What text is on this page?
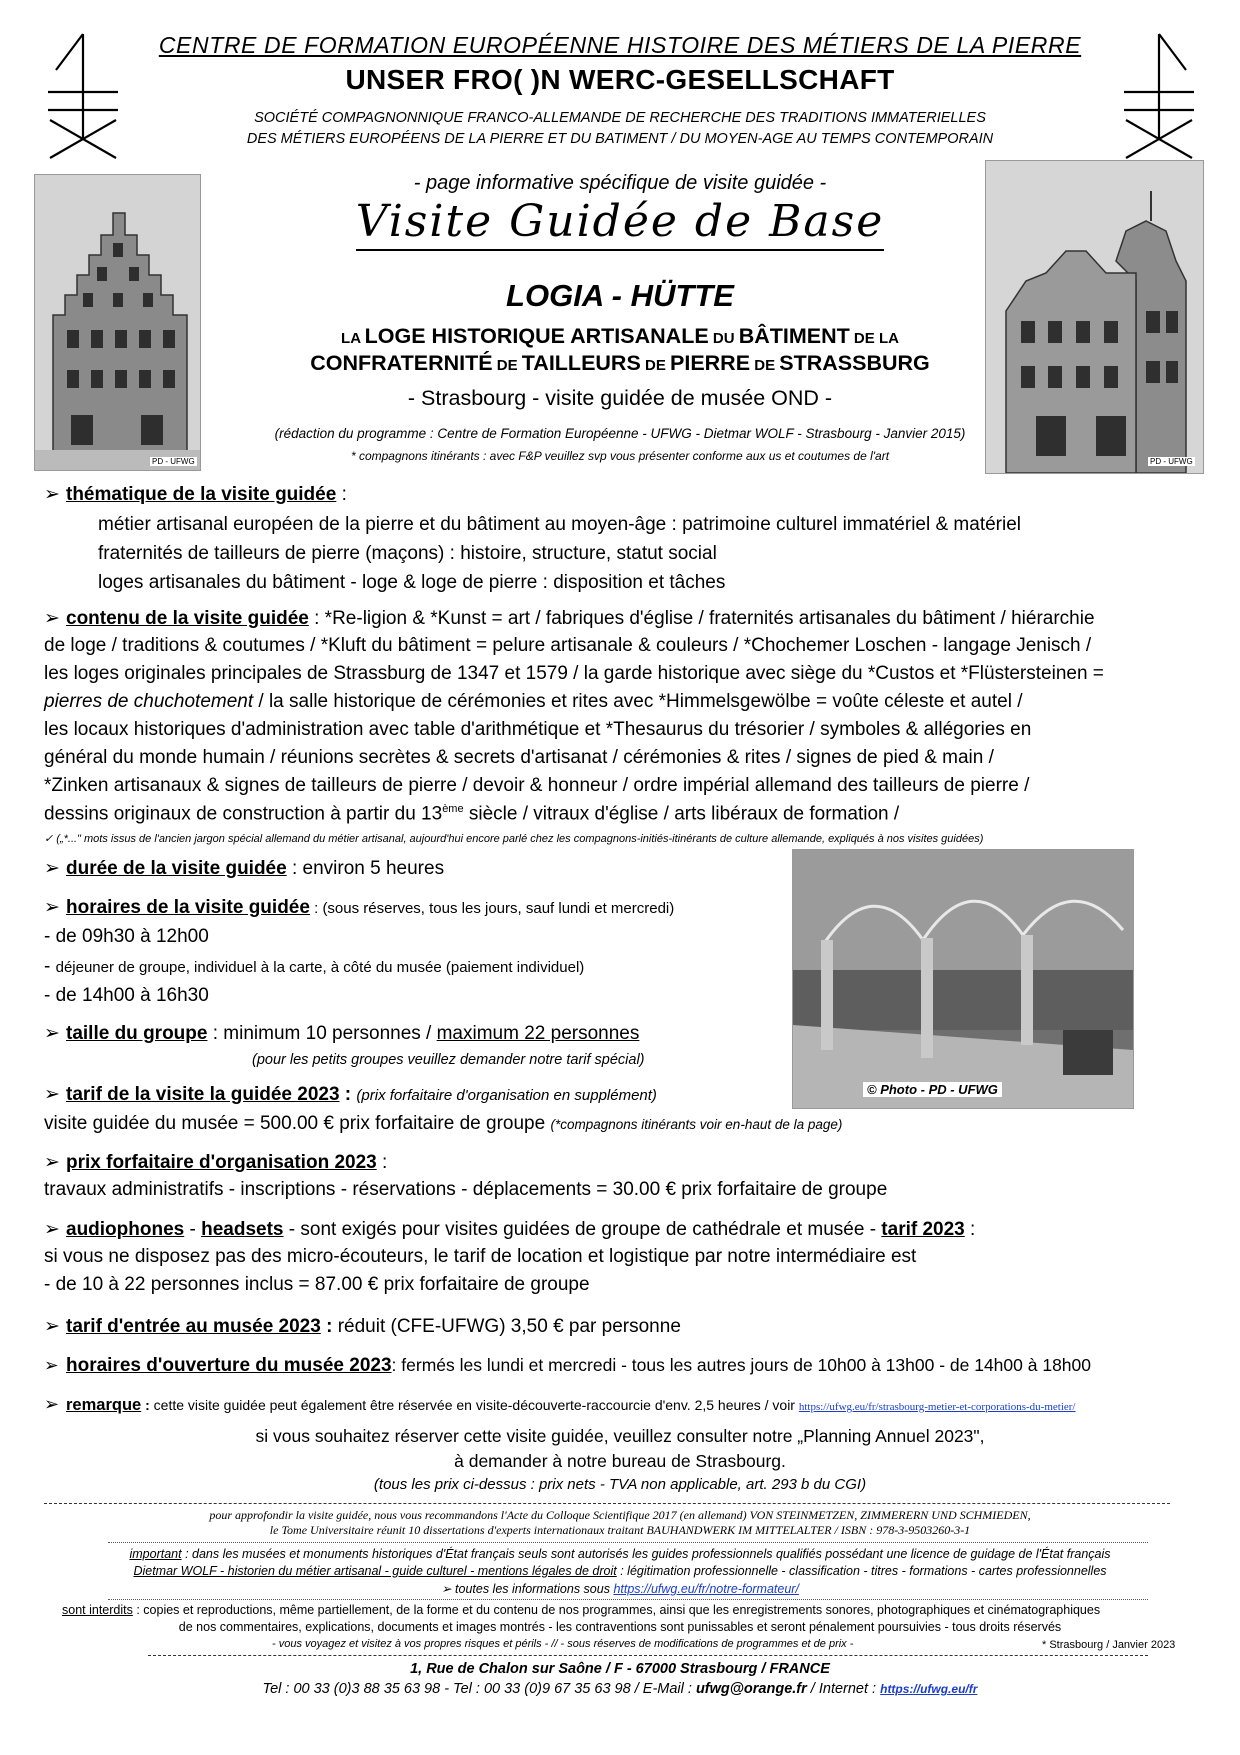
CENTRE DE FORMATION EUROPÉENNE HISTOIRE DES MÉTIERS DE LA PIERRE
UNSER FRO( )N WERC-GESELLSCHAFT
SOCIÉTÉ COMPAGNONNIQUE FRANCO-ALLEMANDE DE RECHERCHE DES TRADITIONS IMMATERIELLES
DES MÉTIERS EUROPÉENS DE LA PIERRE ET DU BATIMENT / DU MOYEN-AGE AU TEMPS CONTEMPORAIN
PD - UFWG	PD - UFWG
- page informative spécifique de visite guidée -
Visite Guidée de Base
LOGIA - HÜTTE
LA LOGE HISTORIQUE ARTISANALE DU BÂTIMENT DE LA
CONFRATERNITÉ DE TAILLEURS DE PIERRE DE STRASSBURG
- Strasbourg - visite guidée de musée OND -
(rédaction du programme : Centre de Formation Européenne - UFWG - Dietmar WOLF - Strasbourg - Janvier 2015)
* compagnons itinérants : avec F&P veuillez svp vous présenter conforme aux us et coutumes de l'art
➢ thématique de la visite guidée :
métier artisanal européen de la pierre et du bâtiment au moyen-âge : patrimoine culturel immatériel & matériel
fraternités de tailleurs de pierre (maçons) : histoire, structure, statut social
loges artisanales du bâtiment - loge & loge de pierre : disposition et tâches
➢ contenu de la visite guidée : *Re-ligion & *Kunst = art / fabriques d'église / fraternités artisanales du bâtiment / hiérarchie
de loge / traditions & coutumes / *Kluft du bâtiment = pelure artisanale & couleurs / *Chochemer Loschen - langage Jenisch /
les loges originales principales de Strassburg de 1347 et 1579 / la garde historique avec siège du *Custos et *Flüstersteinen =
pierres de chuchotement / la salle historique de cérémonies et rites avec *Himmelsgewölbe = voûte céleste et autel /
les locaux historiques d'administration avec table d'arithmétique et *Thesaurus du trésorier / symboles & allégories en
général du monde humain / réunions secrètes & secrets d'artisanat / cérémonies & rites / signes de pied & main /
*Zinken artisanaux & signes de tailleurs de pierre / devoir & honneur / ordre impérial allemand des tailleurs de pierre /
dessins originaux de construction à partir du 13ème siècle / vitraux d'église / arts libéraux de formation /
✓ („*..." mots issus de l'ancien jargon spécial allemand du métier artisanal, aujourd'hui encore parlé chez les compagnons-initiés-itinérants de culture allemande, expliqués à nos visites guidées)
© Photo - PD - UFWG
➢ durée de la visite guidée : environ 5 heures
➢ horaires de la visite guidée : (sous réserves, tous les jours, sauf lundi et mercredi)
- de 09h30 à 12h00
- déjeuner de groupe, individuel à la carte, à côté du musée (paiement individuel)
- de 14h00 à 16h30
➢ taille du groupe : minimum 10 personnes / maximum 22 personnes
(pour les petits groupes veuillez demander notre tarif spécial)
➢ tarif de la visite la guidée 2023 : (prix forfaitaire d'organisation en supplément)
visite guidée du musée = 500.00 € prix forfaitaire de groupe (*compagnons itinérants voir en-haut de la page)
➢ prix forfaitaire d'organisation 2023 :
travaux administratifs - inscriptions - réservations - déplacements = 30.00 € prix forfaitaire de groupe
➢ audiophones - headsets - sont exigés pour visites guidées de groupe de cathédrale et musée - tarif 2023 :
si vous ne disposez pas des micro-écouteurs, le tarif de location et logistique par notre intermédiaire est
- de 10 à 22 personnes inclus = 87.00 € prix forfaitaire de groupe
➢ tarif d'entrée au musée 2023 : réduit (CFE-UFWG) 3,50 € par personne
➢ horaires d'ouverture du musée 2023: fermés les lundi et mercredi - tous les autres jours de 10h00 à 13h00 - de 14h00 à 18h00
➢ remarque : cette visite guidée peut également être réservée en visite-découverte-raccourcie d'env. 2,5 heures / voir https://ufwg.eu/fr/strasbourg-metier-et-corporations-du-metier/
si vous souhaitez réserver cette visite guidée, veuillez consulter notre „Planning Annuel 2023",
à demander à notre bureau de Strasbourg.
(tous les prix ci-dessus : prix nets - TVA non applicable, art. 293 b du CGI)
pour approfondir la visite guidée, nous vous recommandons l'Acte du Colloque Scientifique 2017 (en allemand) VON STEINMETZEN, ZIMMERERN UND SCHMIEDEN,
le Tome Universitaire réunit 10 dissertations d'experts internationaux traitant BAUHANDWERK IM MITTELALTER / ISBN : 978-3-9503260-3-1
important : dans les musées et monuments historiques d'État français seuls sont autorisés les guides professionnels qualifiés possédant une licence de guidage de l'État français
Dietmar WOLF - historien du métier artisanal - guide culturel - mentions légales de droit : légitimation professionnelle - classification - titres - formations - cartes professionnelles
➢ toutes les informations sous https://ufwg.eu/fr/notre-formateur/
sont interdits : copies et reproductions, même partiellement, de la forme et du contenu de nos programmes, ainsi que les enregistrements sonores, photographiques et cinématographiques
de nos commentaires, explications, documents et images montrés - les contraventions sont punissables et seront pénalement poursuivies - tous droits réservés
- vous voyagez et visitez à vos propres risques et périls - // - sous réserves de modifications de programmes et de prix -	* Strasbourg / Janvier 2023
1, Rue de Chalon sur Saône / F - 67000 Strasbourg / FRANCE
Tel : 00 33 (0)3 88 35 63 98 - Tel : 00 33 (0)9 67 35 63 98 / E-Mail : ufwg@orange.fr / Internet : https://ufwg.eu/fr
